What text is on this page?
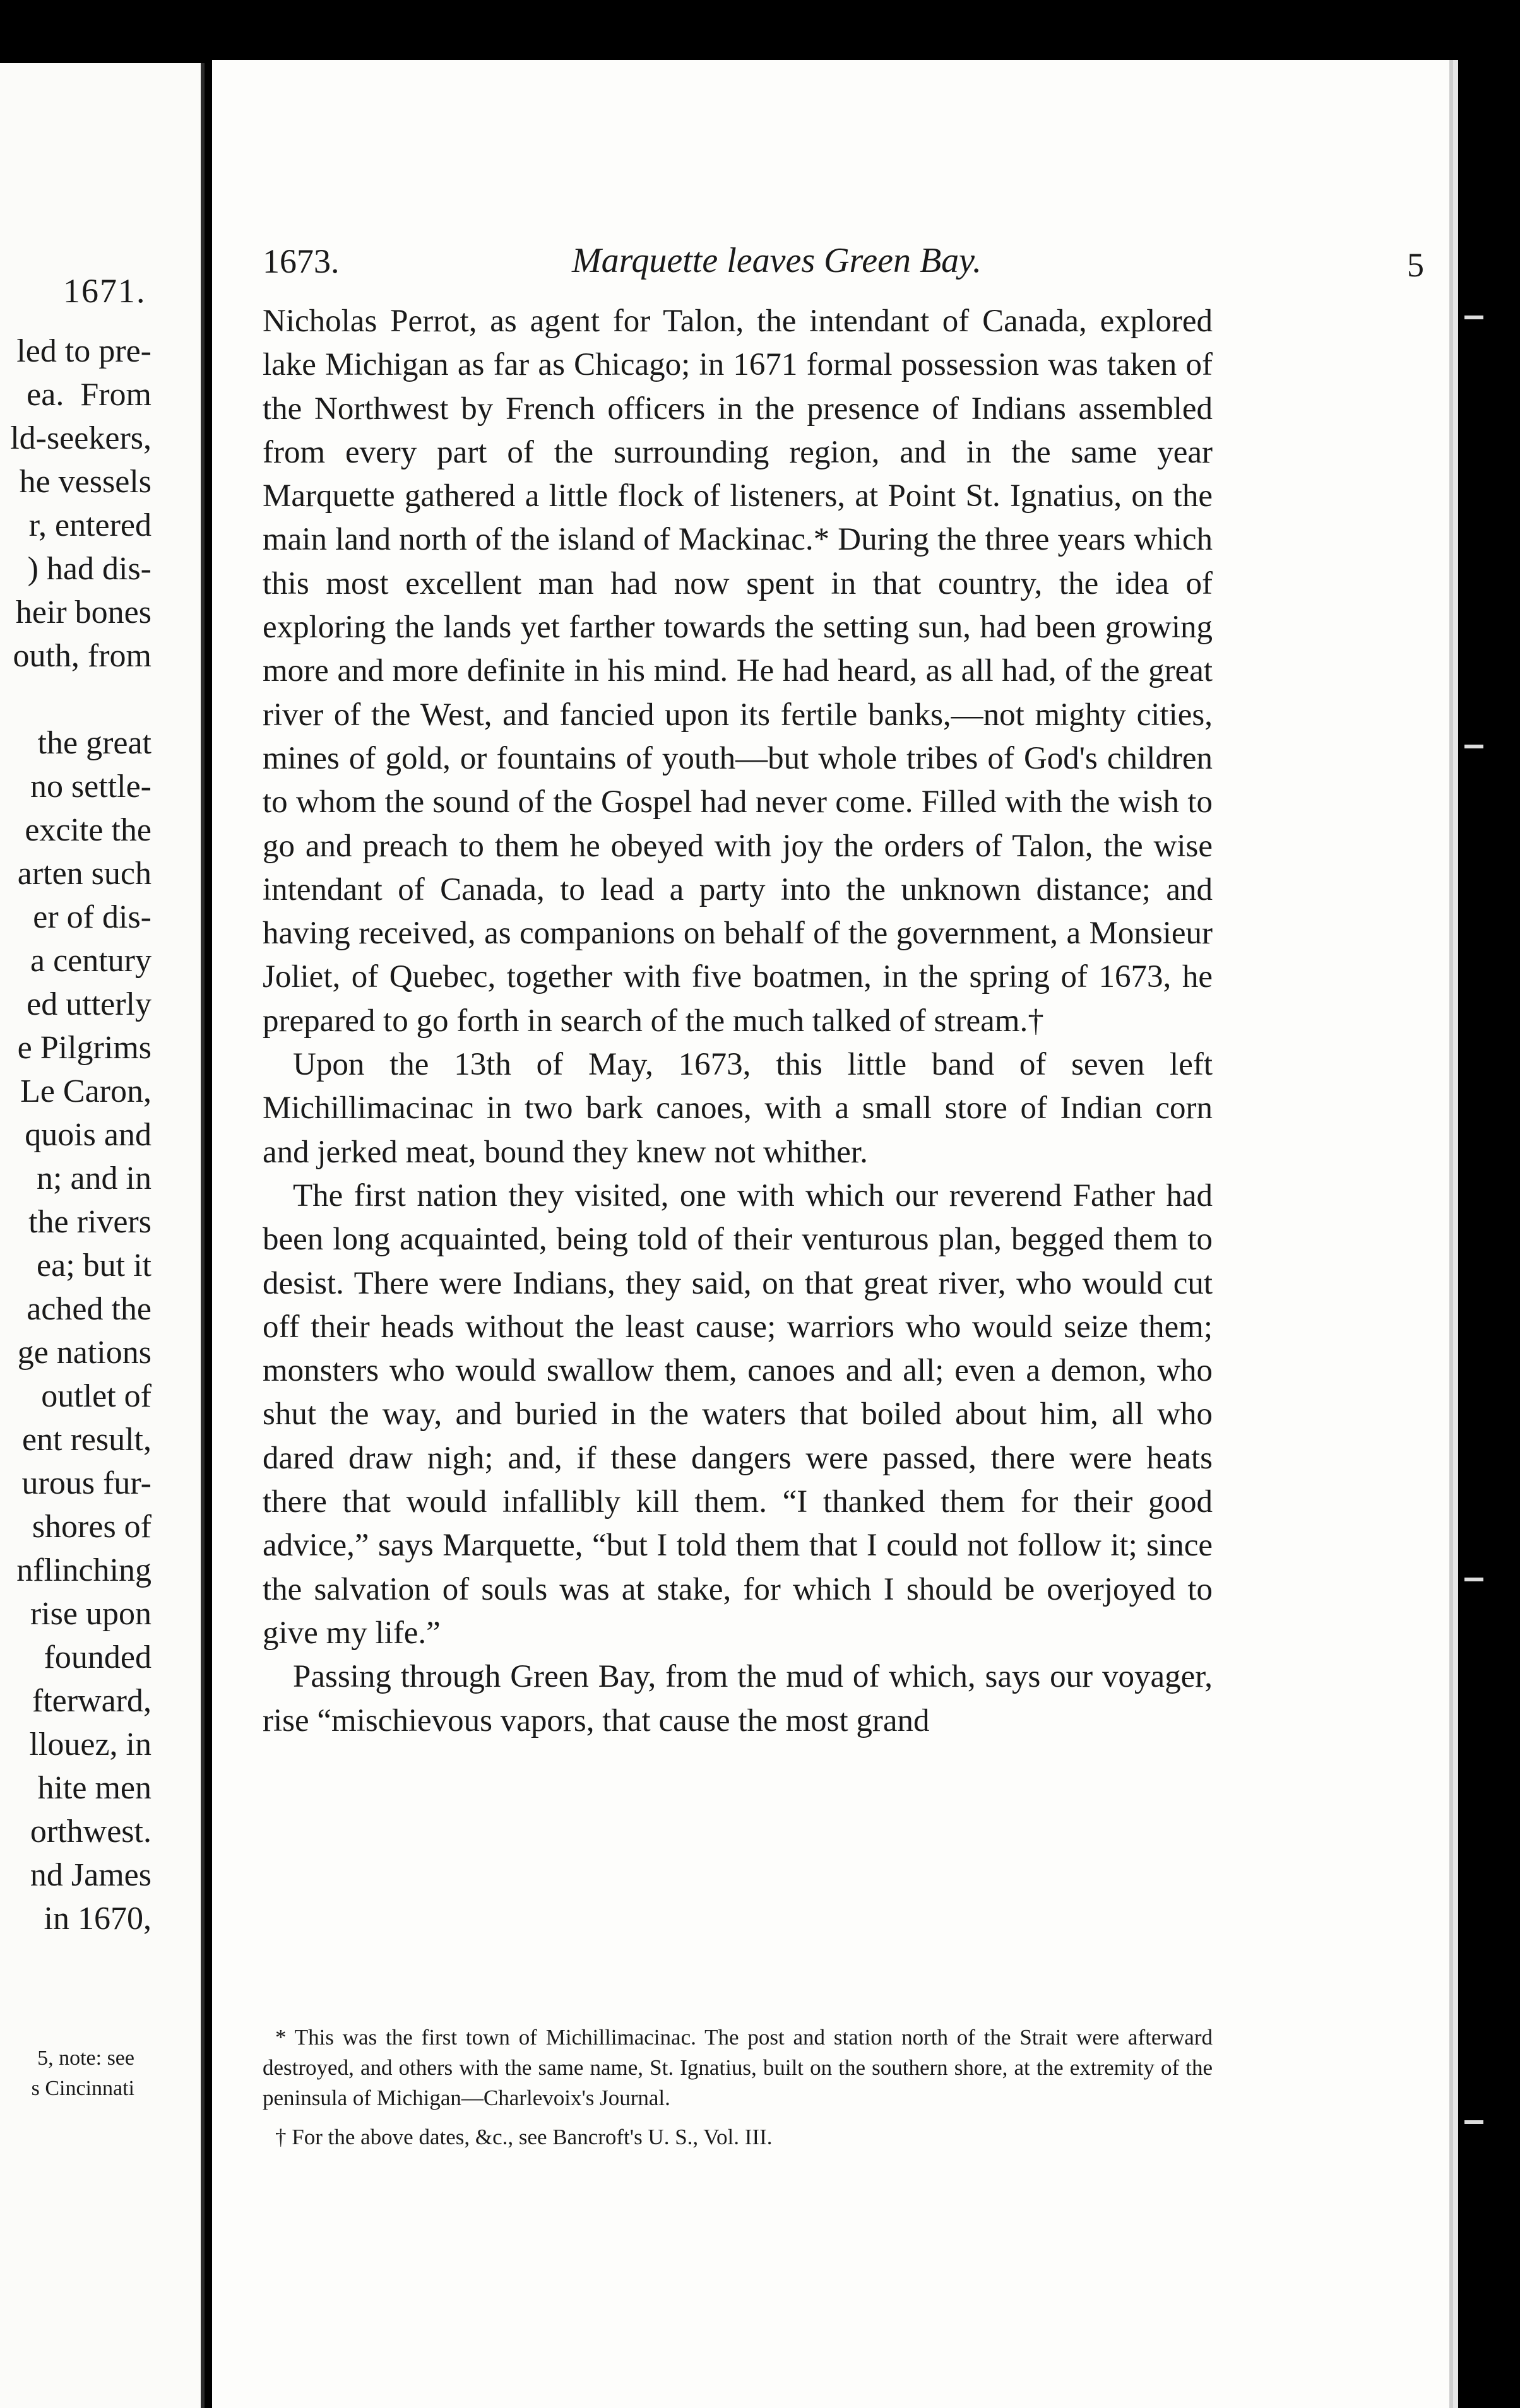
1671.
led to pre-
ea.  From
ld-seekers,
he vessels
r, entered
) had dis-
heir bones
outh, from

the great
no settle-
excite the
arten such
er of dis-
a century
ed utterly
e Pilgrims
Le Caron,
quois and
n; and in
the rivers
ea; but it
ached the
ge nations
outlet of
ent result,
urous fur-
shores of
nflinching
rise upon
founded
fterward,
llouez, in
hite men
orthwest.
nd James
in 1670,
5, note: see
s Cincinnati
1673.	Marquette leaves Green Bay.	5

Nicholas Perrot, as agent for Talon, the intendant of Canada, explored lake Michigan as far as Chicago; in 1671 formal possession was taken of the Northwest by French officers in the presence of Indians assembled from every part of the surrounding region, and in the same year Marquette gathered a little flock of listeners, at Point St. Ignatius, on the main land north of the island of Mackinac.* During the three years which this most excellent man had now spent in that country, the idea of exploring the lands yet farther towards the setting sun, had been growing more and more definite in his mind. He had heard, as all had, of the great river of the West, and fancied upon its fertile banks,—not mighty cities, mines of gold, or fountains of youth—but whole tribes of God's children to whom the sound of the Gospel had never come. Filled with the wish to go and preach to them he obeyed with joy the orders of Talon, the wise intendant of Canada, to lead a party into the unknown distance; and having received, as companions on behalf of the government, a Monsieur Joliet, of Quebec, together with five boatmen, in the spring of 1673, he prepared to go forth in search of the much talked of stream.†

Upon the 13th of May, 1673, this little band of seven left Michillimacinac in two bark canoes, with a small store of Indian corn and jerked meat, bound they knew not whither.

The first nation they visited, one with which our reverend Father had been long acquainted, being told of their venturous plan, begged them to desist. There were Indians, they said, on that great river, who would cut off their heads without the least cause; warriors who would seize them; monsters who would swallow them, canoes and all; even a demon, who shut the way, and buried in the waters that boiled about him, all who dared draw nigh; and, if these dangers were passed, there were heats there that would infallibly kill them. “I thanked them for their good advice,” says Marquette, “but I told them that I could not follow it; since the salvation of souls was at stake, for which I should be overjoyed to give my life.”

Passing through Green Bay, from the mud of which, says our voyager, rise “mischievous vapors, that cause the most grand

* This was the first town of Michillimacinac. The post and station north of the Strait were afterward destroyed, and others with the same name, St. Ignatius, built on the southern shore, at the extremity of the peninsula of Michigan—Charlevoix's Journal.

† For the above dates, &c., see Bancroft's U. S., Vol. III.
